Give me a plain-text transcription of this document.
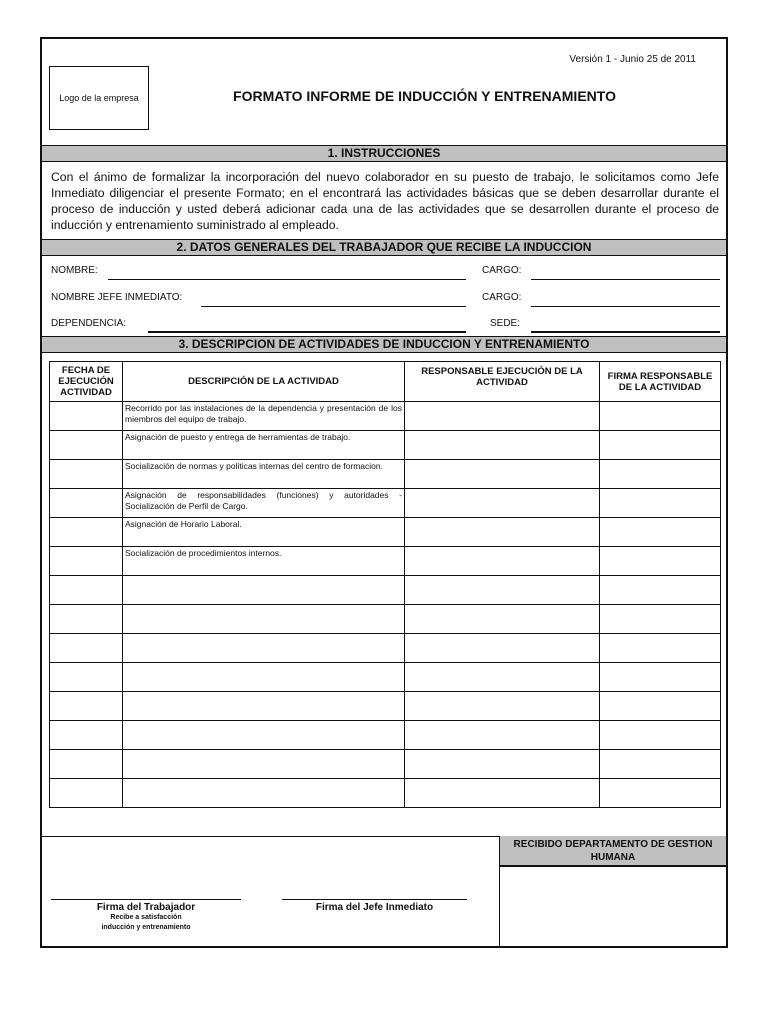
Versión 1 - Junio 25 de 2011
Logo de la empresa	FORMATO INFORME DE INDUCCIÓN Y ENTRENAMIENTO
1. INSTRUCCIONES
Con el ánimo de formalizar la incorporación del nuevo colaborador en su puesto de trabajo, le solicitamos como Jefe Inmediato diligenciar el presente Formato; en el encontrará las actividades básicas que se deben desarrollar durante el proceso de inducción y usted deberá adicionar cada una de las actividades que se desarrollen durante el proceso de inducción y entrenamiento suministrado al empleado.
2. DATOS GENERALES DEL TRABAJADOR QUE RECIBE LA INDUCCION
NOMBRE:	CARGO:
NOMBRE JEFE INMEDIATO:	CARGO:
DEPENDENCIA:	SEDE:
3. DESCRIPCION DE ACTIVIDADES DE INDUCCION Y ENTRENAMIENTO
FECHA DE EJECUCIÓN ACTIVIDAD	DESCRIPCIÓN DE LA ACTIVIDAD	RESPONSABLE EJECUCIÓN DE LA ACTIVIDAD	FIRMA RESPONSABLE DE LA ACTIVIDAD
	Recorrido por las instalaciones de la dependencia y presentación de los miembros del equipo de trabajo.		
	Asignación de puesto y entrega de herramientas de trabajo.		
	Socialización de normas y politicas internas del centro de formacion.		
	Asignación de responsabilidades (funciones) y autoridades - Socialización de Perfil de Cargo.		
	Asignación de Horario Laboral.		
	Socialización de procedimientos internos.		

Firma del Trabajador
Recibe a satisfacción
inducción y entrenamiento
Firma del Jefe Inmediato
RECIBIDO DEPARTAMENTO DE GESTION HUMANA
